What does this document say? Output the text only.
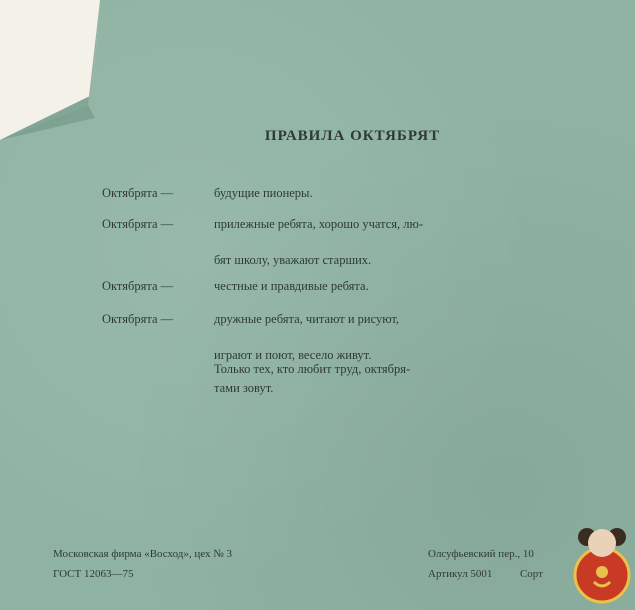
ПРАВИЛА ОКТЯБРЯТ
Октябрята —	будущие пионеры.
Октябрята —	прилежные ребята, хорошо учатся, лю-
бят школу, уважают старших.
Октябрята —	честные и правдивые ребята.
Октябрята —	дружные ребята, читают и рисуют,
играют и поют, весело живут.
Только тех, кто любит труд, октября-
тами зовут.
Московская фирма «Восход», цех № 3
ГОСТ 12063—75
Олсуфьевский пер., 10
Артикул 5001	Сорт
